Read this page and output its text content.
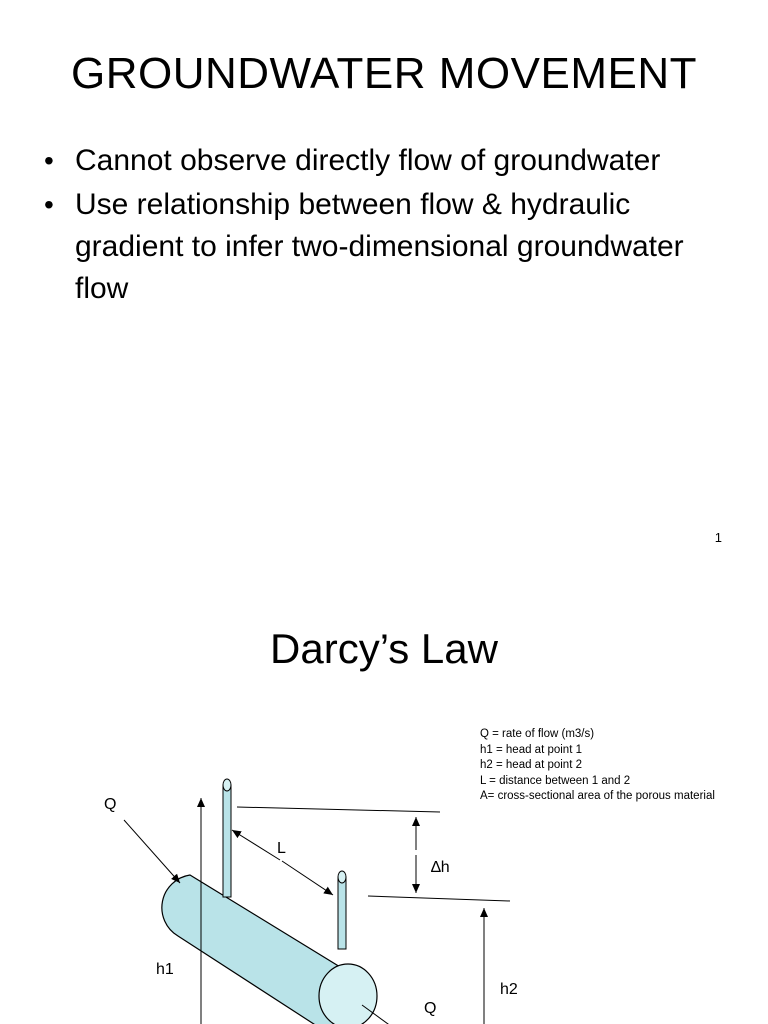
GROUNDWATER MOVEMENT
• Cannot observe directly flow of groundwater
• Use relationship between flow & hydraulic gradient to infer two-dimensional groundwater flow
1
Darcy’s Law
Q = rate of flow (m3/s)
h1 = head at point 1
h2 = head at point 2
L = distance between 1 and 2
A= cross-sectional area of the porous material
Q
L
∆h
h1
h2
Q
